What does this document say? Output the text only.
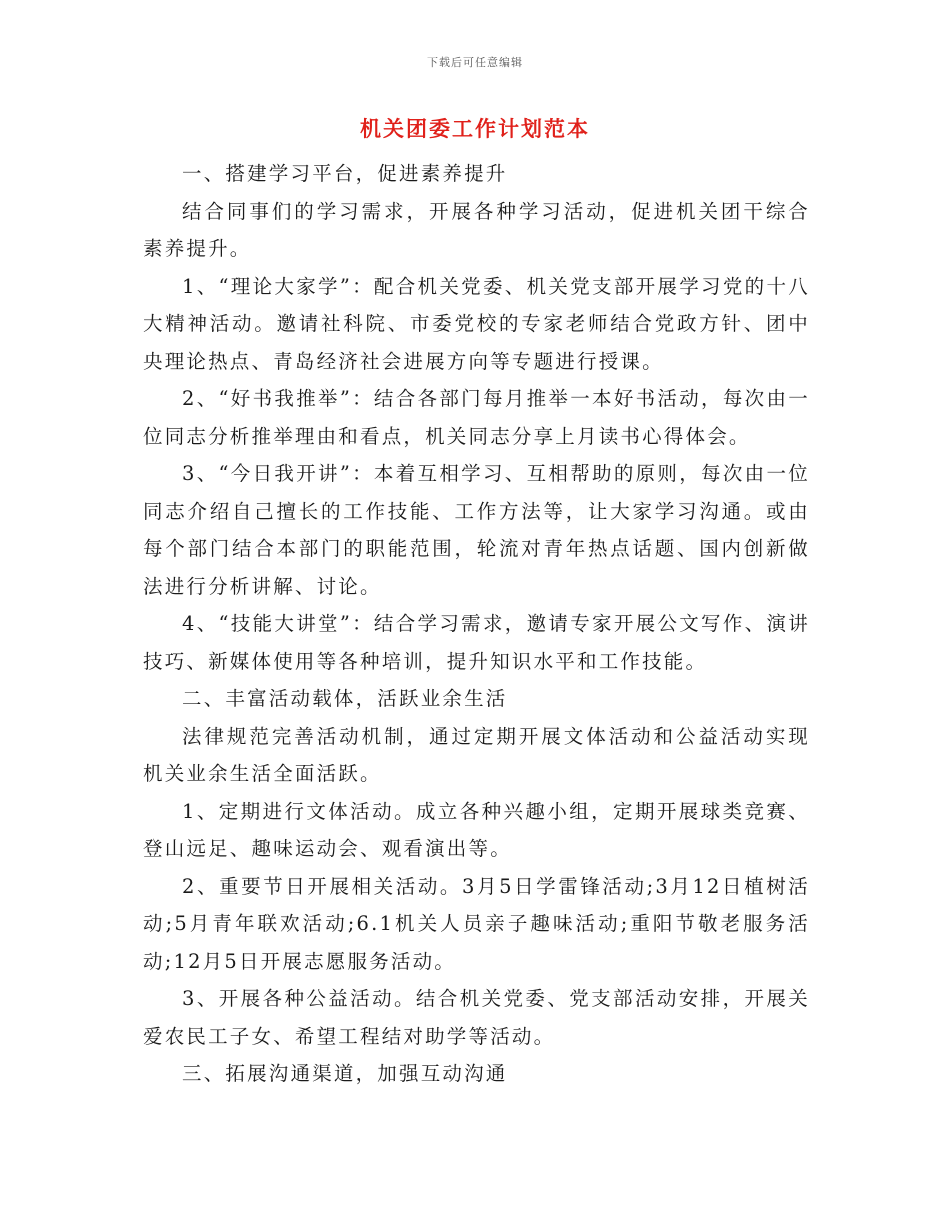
下载后可任意编辑
机关团委工作计划范本

一、搭建学习平台，促进素养提升

结合同事们的学习需求，开展各种学习活动，促进机关团干综合素养提升。

1、“理论大家学”：配合机关党委、机关党支部开展学习党的十八大精神活动。邀请社科院、市委党校的专家老师结合党政方针、团中央理论热点、青岛经济社会进展方向等专题进行授课。

2、“好书我推举”：结合各部门每月推举一本好书活动，每次由一位同志分析推举理由和看点，机关同志分享上月读书心得体会。

3、“今日我开讲”：本着互相学习、互相帮助的原则，每次由一位同志介绍自己擅长的工作技能、工作方法等，让大家学习沟通。或由每个部门结合本部门的职能范围，轮流对青年热点话题、国内创新做法进行分析讲解、讨论。

4、“技能大讲堂”：结合学习需求，邀请专家开展公文写作、演讲技巧、新媒体使用等各种培训，提升知识水平和工作技能。

二、丰富活动载体，活跃业余生活

法律规范完善活动机制，通过定期开展文体活动和公益活动实现机关业余生活全面活跃。

1、定期进行文体活动。成立各种兴趣小组，定期开展球类竞赛、登山远足、趣味运动会、观看演出等。

2、重要节日开展相关活动。3月5日学雷锋活动;3月12日植树活动;5月青年联欢活动;6.1机关人员亲子趣味活动;重阳节敬老服务活动;12月5日开展志愿服务活动。

3、开展各种公益活动。结合机关党委、党支部活动安排，开展关爱农民工子女、希望工程结对助学等活动。

三、拓展沟通渠道，加强互动沟通
